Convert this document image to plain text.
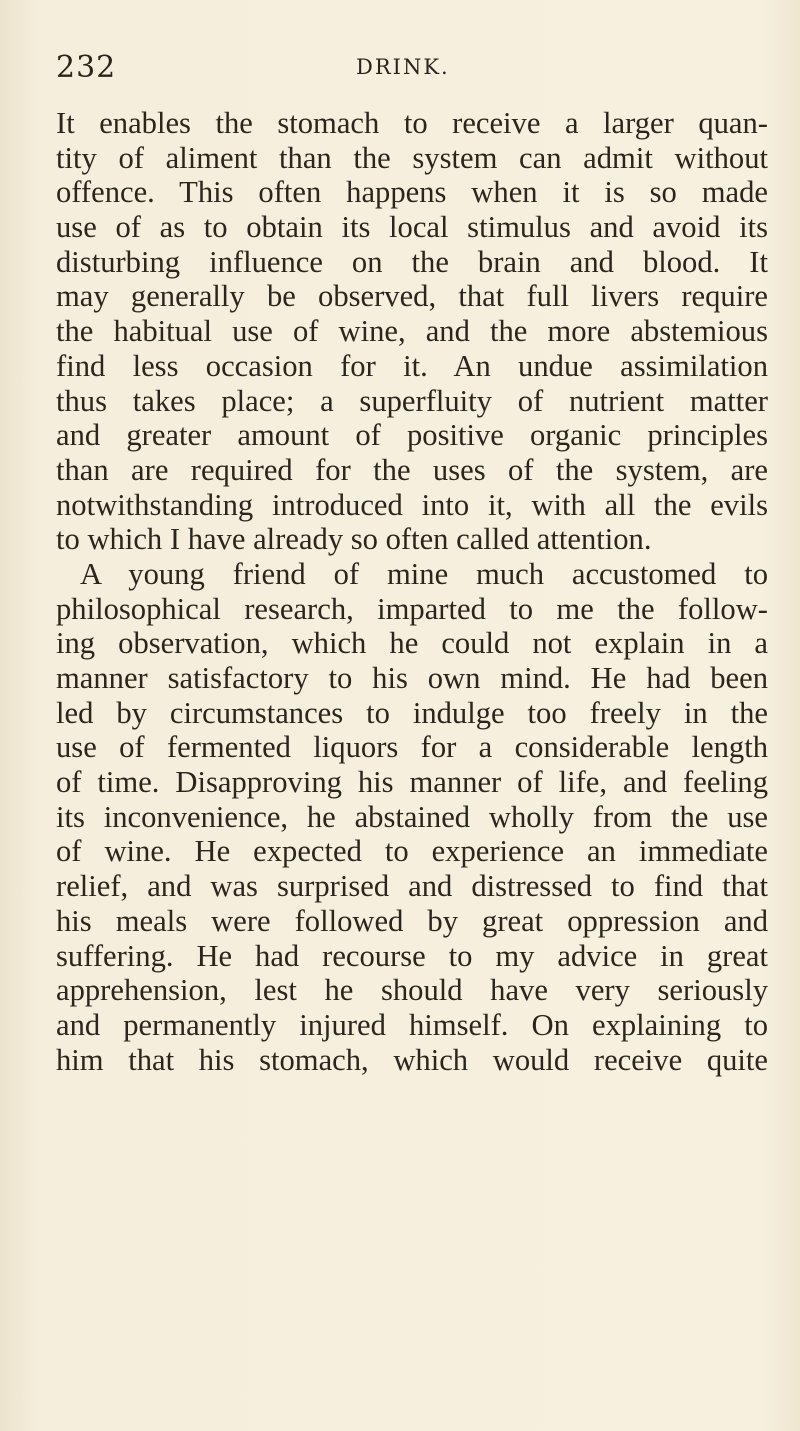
232	DRINK.
It enables the stomach to receive a larger quan-
tity of aliment than the system can admit without
offence. This often happens when it is so made
use of as to obtain its local stimulus and avoid its
disturbing influence on the brain and blood. It
may generally be observed, that full livers require
the habitual use of wine, and the more abstemious
find less occasion for it. An undue assimilation
thus takes place; a superfluity of nutrient matter
and greater amount of positive organic principles
than are required for the uses of the system, are
notwithstanding introduced into it, with all the evils
to which I have already so often called attention.
A young friend of mine much accustomed to
philosophical research, imparted to me the follow-
ing observation, which he could not explain in a
manner satisfactory to his own mind. He had been
led by circumstances to indulge too freely in the
use of fermented liquors for a considerable length
of time. Disapproving his manner of life, and feeling
its inconvenience, he abstained wholly from the use
of wine. He expected to experience an immediate
relief, and was surprised and distressed to find that
his meals were followed by great oppression and
suffering. He had recourse to my advice in great
apprehension, lest he should have very seriously
and permanently injured himself. On explaining to
him that his stomach, which would receive quite
